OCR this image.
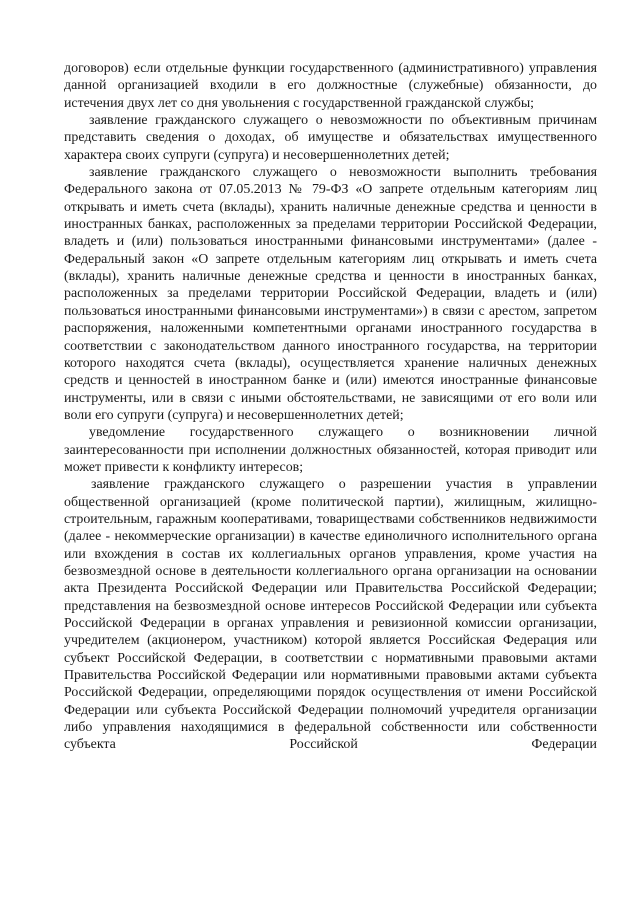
договоров) если отдельные функции государственного (административного) управления данной организацией входили в его должностные (служебные) обязанности, до истечения двух лет со дня увольнения с государственной гражданской службы;

заявление гражданского служащего о невозможности по объективным причинам представить сведения о доходах, об имуществе и обязательствах имущественного характера своих супруги (супруга) и несовершеннолетних детей;

заявление гражданского служащего о невозможности выполнить требования Федерального закона от 07.05.2013 № 79-ФЗ «О запрете отдельным категориям лиц открывать и иметь счета (вклады), хранить наличные денежные средства и ценности в иностранных банках, расположенных за пределами территории Российской Федерации, владеть и (или) пользоваться иностранными финансовыми инструментами» (далее - Федеральный закон «О запрете отдельным категориям лиц открывать и иметь счета (вклады), хранить наличные денежные средства и ценности в иностранных банках, расположенных за пределами территории Российской Федерации, владеть и (или) пользоваться иностранными финансовыми инструментами») в связи с арестом, запретом распоряжения, наложенными компетентными органами иностранного государства в соответствии с законодательством данного иностранного государства, на территории которого находятся счета (вклады), осуществляется хранение наличных денежных средств и ценностей в иностранном банке и (или) имеются иностранные финансовые инструменты, или в связи с иными обстоятельствами, не зависящими от его воли или воли его супруги (супруга) и несовершеннолетних детей;

уведомление государственного служащего о возникновении личной заинтересованности при исполнении должностных обязанностей, которая приводит или может привести к конфликту интересов;

заявление гражданского служащего о разрешении участия в управлении общественной организацией (кроме политической партии), жилищным, жилищно-строительным, гаражным кооперативами, товариществами собственников недвижимости (далее - некоммерческие организации) в качестве единоличного исполнительного органа или вхождения в состав их коллегиальных органов управления, кроме участия на безвозмездной основе в деятельности коллегиального органа организации на основании акта Президента Российской Федерации или Правительства Российской Федерации; представления на безвозмездной основе интересов Российской Федерации или субъекта Российской Федерации в органах управления и ревизионной комиссии организации, учредителем (акционером, участником) которой является Российская Федерация или субъект Российской Федерации, в соответствии с нормативными правовыми актами Правительства Российской Федерации или нормативными правовыми актами субъекта Российской Федерации, определяющими порядок осуществления от имени Российской Федерации или субъекта Российской Федерации полномочий учредителя организации либо управления находящимися в федеральной собственности или собственности субъекта Российской Федерации
